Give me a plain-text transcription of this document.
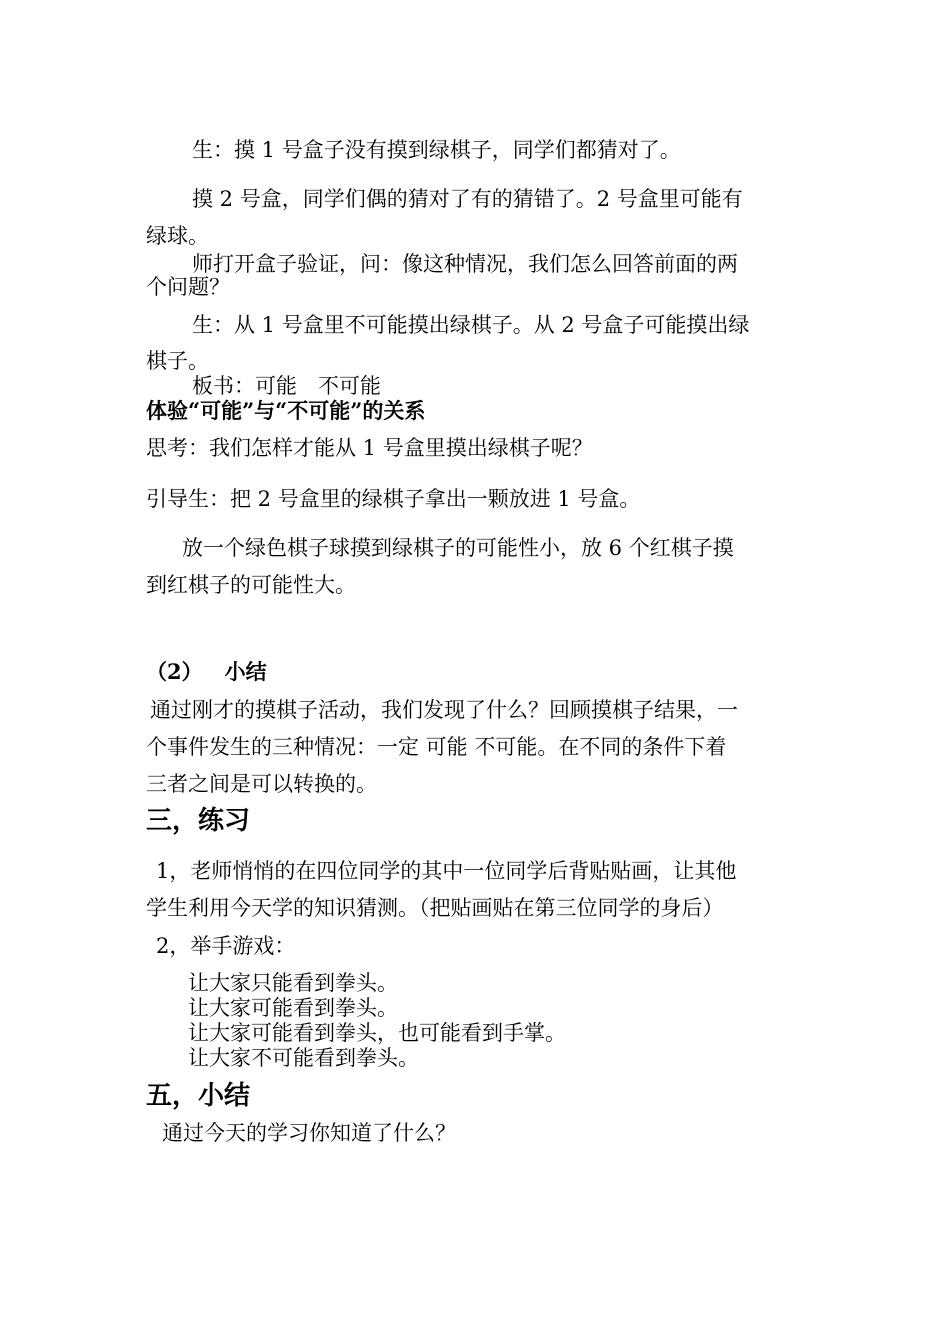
生：摸 1 号盒子没有摸到绿棋子，同学们都猜对了。
摸 2 号盒，同学们偶的猜对了有的猜错了。2 号盒里可能有
绿球。
师打开盒子验证，问：像这种情况，我们怎么回答前面的两
个问题？
生：从 1 号盒里不可能摸出绿棋子。从 2 号盒子可能摸出绿
棋子。
板书：可能　不可能
体验“可能”与“不可能”的关系
思考：我们怎样才能从 1 号盒里摸出绿棋子呢？
引导生：把 2 号盒里的绿棋子拿出一颗放进 1 号盒。
放一个绿色棋子球摸到绿棋子的可能性小，放 6 个红棋子摸
到红棋子的可能性大。
（2） 小结
通过刚才的摸棋子活动，我们发现了什么？回顾摸棋子结果，一
个事件发生的三种情况：一定 可能 不可能。在不同的条件下着
三者之间是可以转换的。
三，练习
1，老师悄悄的在四位同学的其中一位同学后背贴贴画，让其他
学生利用今天学的知识猜测。（把贴画贴在第三位同学的身后）
2，举手游戏：
让大家只能看到拳头。
让大家可能看到拳头。
让大家可能看到拳头，也可能看到手掌。
让大家不可能看到拳头。
五，小结
通过今天的学习你知道了什么？
